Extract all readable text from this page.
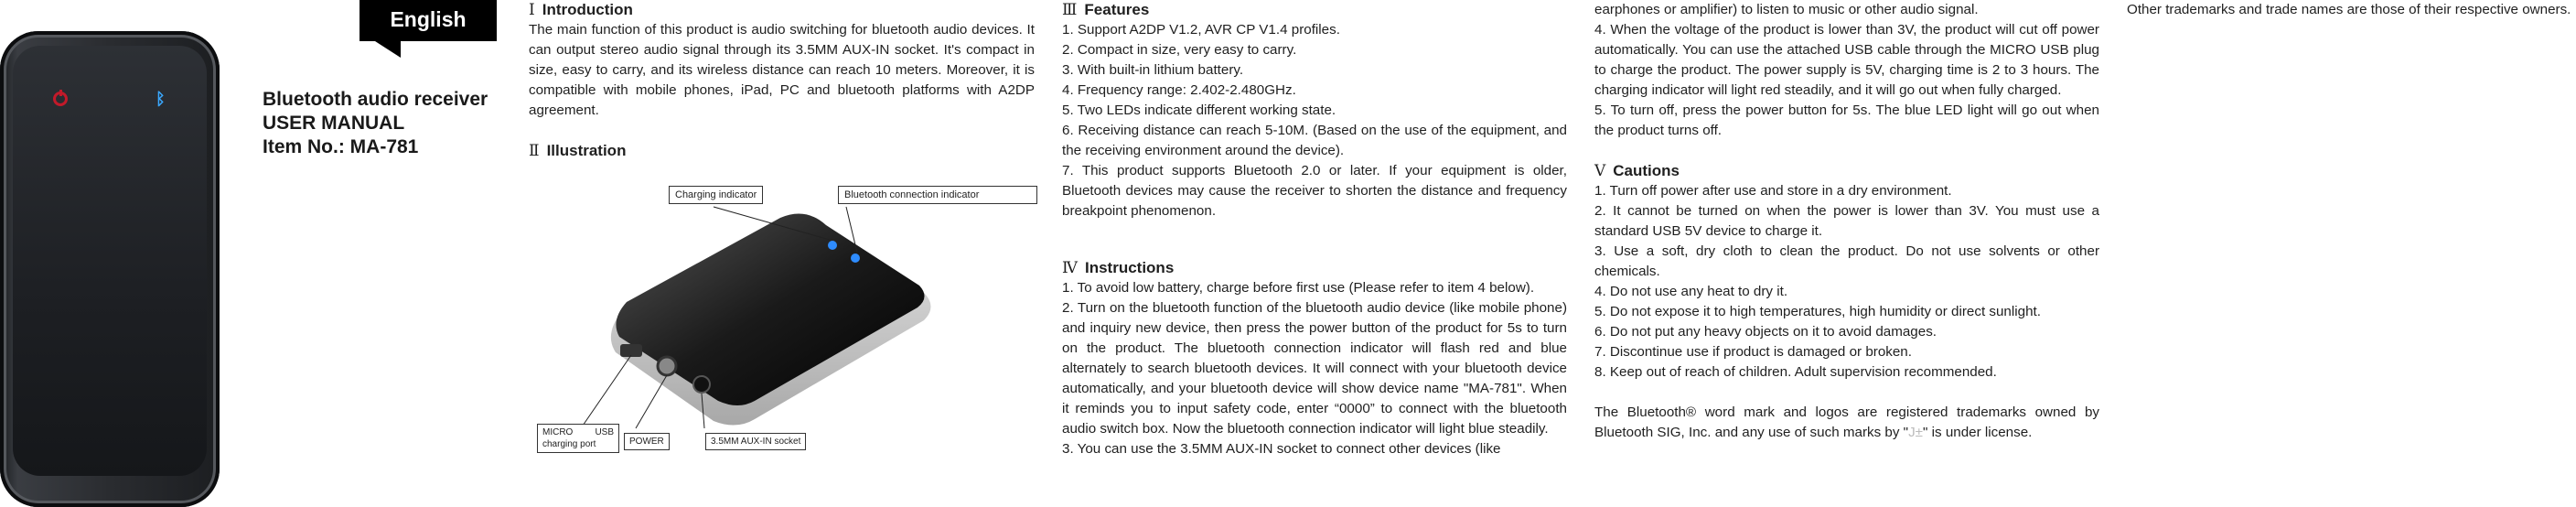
ᛒ
English
Bluetooth audio receiver
USER MANUAL
Item No.: MA-781

Ⅰ Introduction

The main function of this product is audio switching for bluetooth audio devices. It can output stereo audio signal through its 3.5MM AUX-IN socket. It's compact in size, easy to carry, and its wireless distance can reach 10 meters. Moreover, it is compatible with mobile phones, iPad, PC and bluetooth platforms with A2DP agreement.

Ⅱ Illustration

Charging indicator	Bluetooth connection indicator
MICRO USB

charging port	POWER	3.5MM AUX-IN socket

Ⅲ Features

1. Support A2DP V1.2, AVR CP V1.4 profiles.

2. Compact in size, very easy to carry.

3. With built-in lithium battery.

4. Frequency range: 2.402-2.480GHz.

5. Two LEDs indicate different working state.

6. Receiving distance can reach 5-10M. (Based on the use of the equipment, and the receiving environment around the device).

7. This product supports Bluetooth 2.0 or later. If your equipment is older, Bluetooth devices may cause the receiver to shorten the distance and frequency breakpoint phenomenon.

Ⅳ Instructions

1. To avoid low battery, charge before first use (Please refer to item 4 below).

2. Turn on the bluetooth function of the bluetooth audio device (like mobile phone) and inquiry new device, then press the power button of the product for 5s to turn on the product. The bluetooth connection indicator will flash red and blue alternately to search bluetooth devices. It will connect with your bluetooth device automatically, and your bluetooth device will show device name "MA-781". When it reminds you to input safety code, enter “0000” to connect with the bluetooth audio switch box. Now the bluetooth connection indicator will light blue steadily.

3. You can use the 3.5MM AUX-IN socket to connect other devices (like

earphones or amplifier) to listen to music or other audio signal.

4. When the voltage of the product is lower than 3V, the product will cut off power automatically. You can use the attached USB cable through the MICRO USB plug to charge the product. The power supply is 5V, charging time is 2 to 3 hours. The charging indicator will light red steadily, and it will go out when fully charged.

5. To turn off, press the power button for 5s. The blue LED light will go out when the product turns off.

Ⅴ Cautions

1. Turn off power after use and store in a dry environment.

2. It cannot be turned on when the power is lower than 3V. You must use a standard USB 5V device to charge it.

3. Use a soft, dry cloth to clean the product. Do not use solvents or other chemicals.

4. Do not use any heat to dry it.

5. Do not expose it to high temperatures, high humidity or direct sunlight.

6. Do not put any heavy objects on it to avoid damages.

7. Discontinue use if product is damaged or broken.

8. Keep out of reach of children. Adult supervision recommended.

The Bluetooth® word mark and logos are registered trademarks owned by Bluetooth SIG, Inc. and any use of such marks by "J±" is under license.

Other trademarks and trade names are those of their respective owners.
